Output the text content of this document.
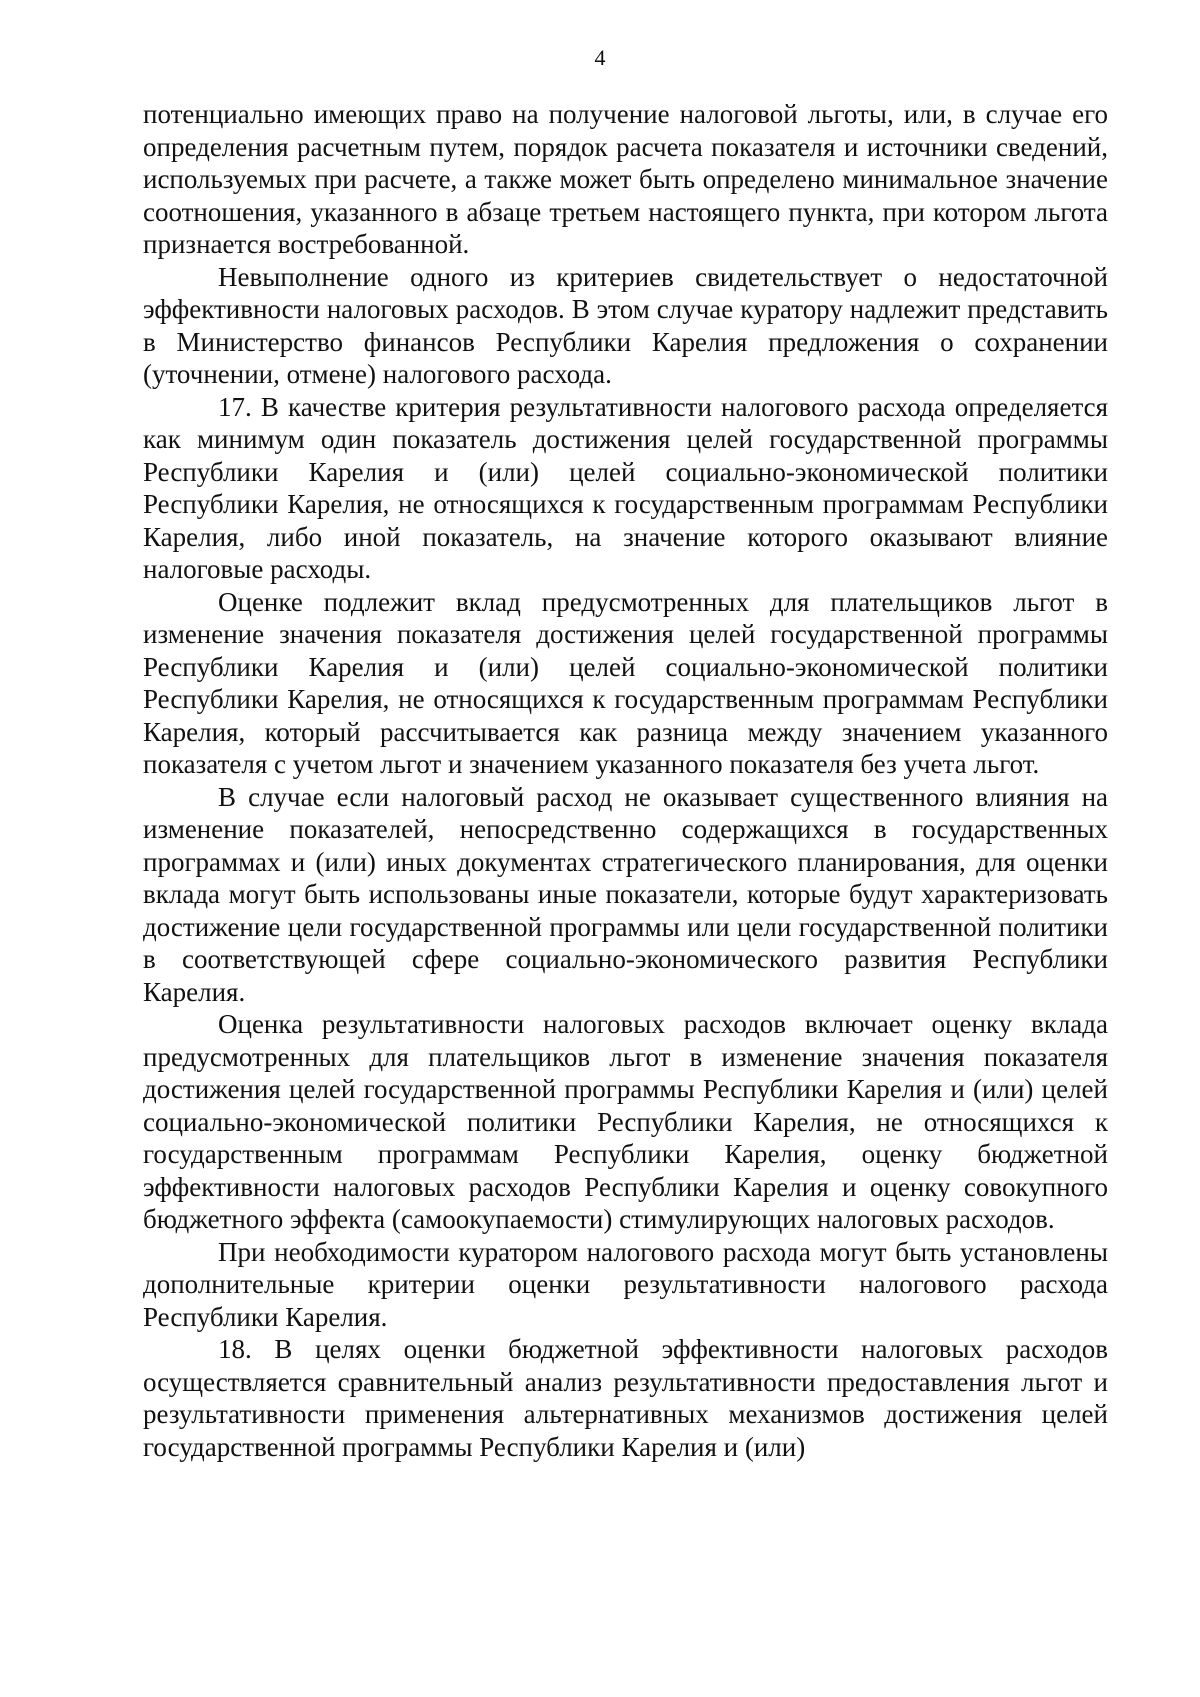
4

потенциально имеющих право на получение налоговой льготы, или, в случае его определения расчетным путем, порядок расчета показателя и источники сведений, используемых при расчете, а также может быть определено минимальное значение соотношения, указанного в абзаце третьем настоящего пункта, при котором льгота признается востребованной.

Невыполнение одного из критериев свидетельствует о недостаточной эффективности налоговых расходов. В этом случае куратору надлежит представить в Министерство финансов Республики Карелия предложения о сохранении (уточнении, отмене) налогового расхода.

17. В качестве критерия результативности налогового расхода определяется как минимум один показатель достижения целей государственной программы Республики Карелия и (или) целей социально-экономической политики Республики Карелия, не относящихся к государственным программам Республики Карелия, либо иной показатель, на значение которого оказывают влияние налоговые расходы.

Оценке подлежит вклад предусмотренных для плательщиков льгот в изменение значения показателя достижения целей государственной программы Республики Карелия и (или) целей социально-экономической политики Республики Карелия, не относящихся к государственным программам Республики Карелия, который рассчитывается как разница между значением указанного показателя с учетом льгот и значением указанного показателя без учета льгот.

В случае если налоговый расход не оказывает существенного влияния на изменение показателей, непосредственно содержащихся в государственных программах и (или) иных документах стратегического планирования, для оценки вклада могут быть использованы иные показатели, которые будут характеризовать достижение цели государственной программы или цели государственной политики в соответствующей сфере социально-экономического развития Республики Карелия.

Оценка результативности налоговых расходов включает оценку вклада предусмотренных для плательщиков льгот в изменение значения показателя достижения целей государственной программы Республики Карелия и (или) целей социально-экономической политики Республики Карелия, не относящихся к государственным программам Республики Карелия, оценку бюджетной эффективности налоговых расходов Республики Карелия и оценку совокупного бюджетного эффекта (самоокупаемости) стимулирующих налоговых расходов.

При необходимости куратором налогового расхода могут быть установлены дополнительные критерии оценки результативности налогового расхода Республики Карелия.

18. В целях оценки бюджетной эффективности налоговых расходов осуществляется сравнительный анализ результативности предоставления льгот и результативности применения альтернативных механизмов достижения целей государственной программы Республики Карелия и (или)
